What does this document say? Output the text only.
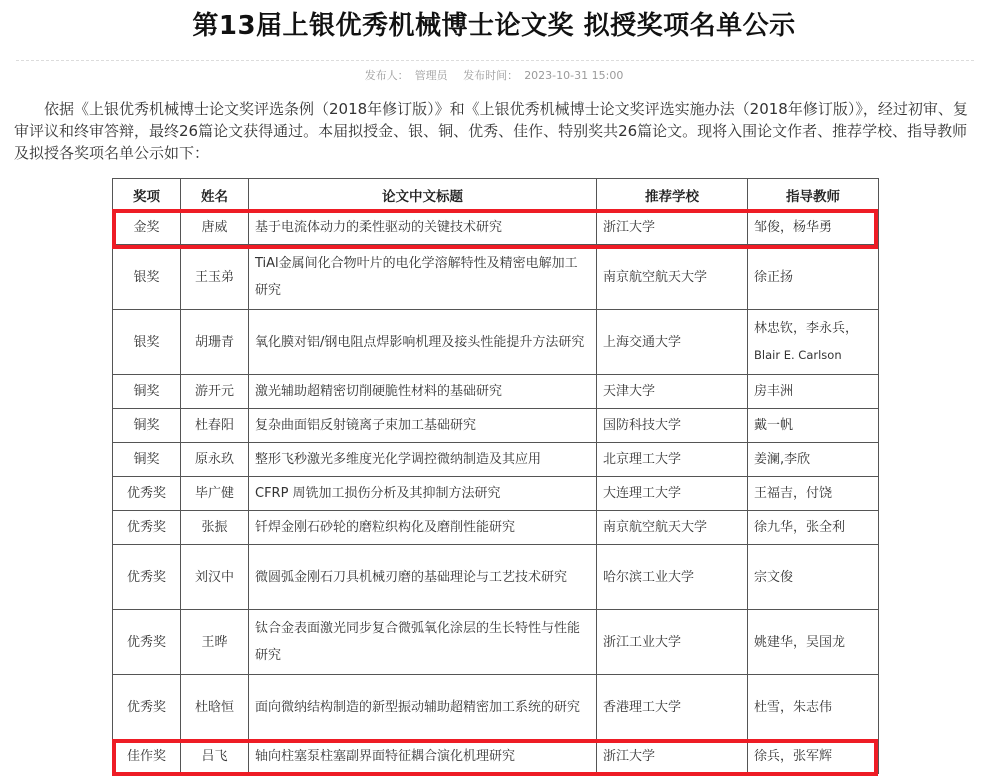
第13届上银优秀机械博士论文奖 拟授奖项名单公示
发布人： 管理员 发布时间： 2023-10-31 15:00
依据《上银优秀机械博士论文奖评选条例（2018年修订版）》和《上银优秀机械博士论文奖评选实施办法（2018年修订版）》，经过初审、复审评议和终审答辩，最终26篇论文获得通过。本届拟授金、银、铜、优秀、佳作、特别奖共26篇论文。现将入围论文作者、推荐学校、指导教师及拟授各奖项名单公示如下：
奖项	姓名	论文中文标题	推荐学校	指导教师
金奖	唐威	基于电流体动力的柔性驱动的关键技术研究	浙江大学	邹俊，杨华勇
银奖	王玉弟	TiAl金属间化合物叶片的电化学溶解特性及精密电解加工研究	南京航空航天大学	徐正扬
银奖	胡珊青	氧化膜对铝/钢电阻点焊影响机理及接头性能提升方法研究	上海交通大学	林忠钦，李永兵，
Blair E. Carlson

铜奖	游开元	激光辅助超精密切削硬脆性材料的基础研究	天津大学	房丰洲
铜奖	杜春阳	复杂曲面铝反射镜离子束加工基础研究	国防科技大学	戴一帆
铜奖	原永玖	整形飞秒激光多维度光化学调控微纳制造及其应用	北京理工大学	姜澜,李欣
优秀奖	毕广健	CFRP 周铣加工损伤分析及其抑制方法研究	大连理工大学	王福吉，付饶
优秀奖	张振	钎焊金刚石砂轮的磨粒织构化及磨削性能研究	南京航空航天大学	徐九华，张全利
优秀奖	刘汉中	微圆弧金刚石刀具机械刃磨的基础理论与工艺技术研究	哈尔滨工业大学	宗文俊
优秀奖	王晔	钛合金表面激光同步复合微弧氧化涂层的生长特性与性能研究	浙江工业大学	姚建华，吴国龙
优秀奖	杜晗恒	面向微纳结构制造的新型振动辅助超精密加工系统的研究	香港理工大学	杜雪，朱志伟
佳作奖	吕飞	轴向柱塞泵柱塞副界面特征耦合演化机理研究	浙江大学	徐兵，张军辉
